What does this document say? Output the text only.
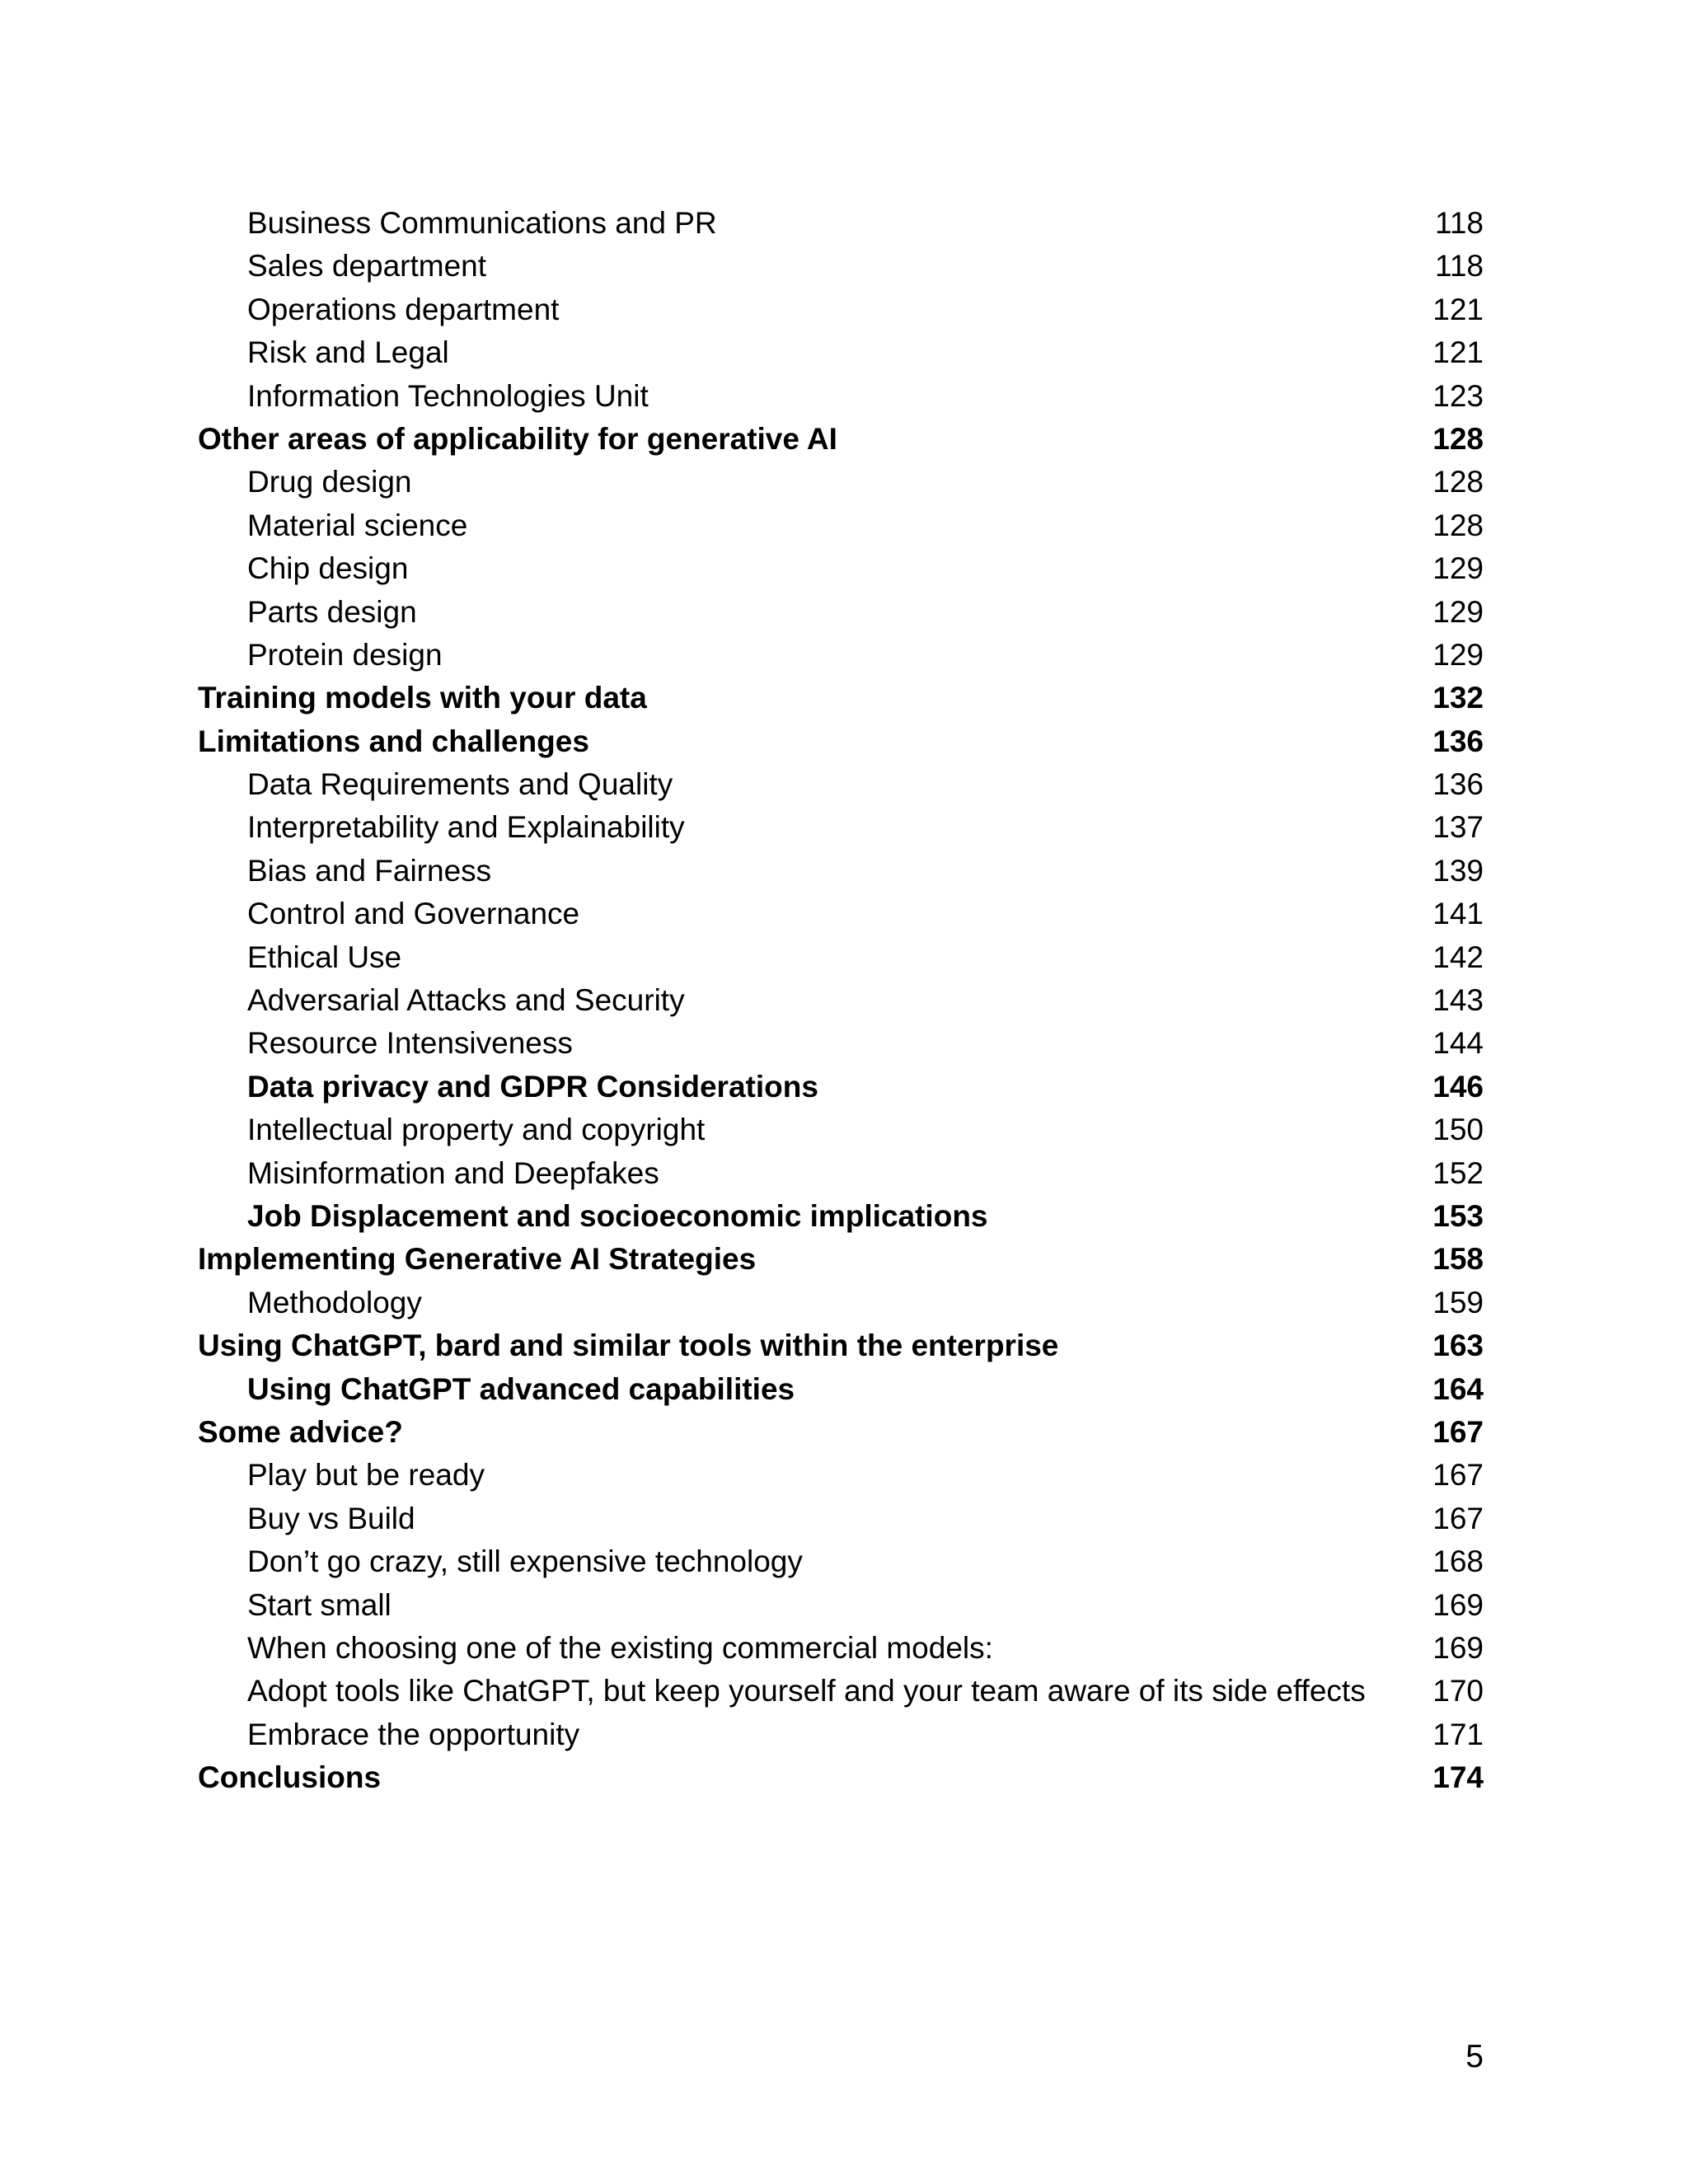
Business Communications and PR	118
Sales department	118
Operations department	121
Risk and Legal	121
Information Technologies Unit	123
Other areas of applicability for generative AI	128
Drug design	128
Material science	128
Chip design	129
Parts design	129
Protein design	129
Training models with your data	132
Limitations and challenges	136
Data Requirements and Quality	136
Interpretability and Explainability	137
Bias and Fairness	139
Control and Governance	141
Ethical Use	142
Adversarial Attacks and Security	143
Resource Intensiveness	144
Data privacy and GDPR Considerations	146
Intellectual property and copyright	150
Misinformation and Deepfakes	152
Job Displacement and socioeconomic implications	153
Implementing Generative AI Strategies	158
Methodology	159
Using ChatGPT, bard and similar tools within the enterprise	163
Using ChatGPT advanced capabilities	164
Some advice?	167
Play but be ready	167
Buy vs Build	167
Don’t go crazy, still expensive technology	168
Start small	169
When choosing one of the existing commercial models:	169
Adopt tools like ChatGPT, but keep yourself and your team aware of its side effects 170
Embrace the opportunity	171
Conclusions	174
5
